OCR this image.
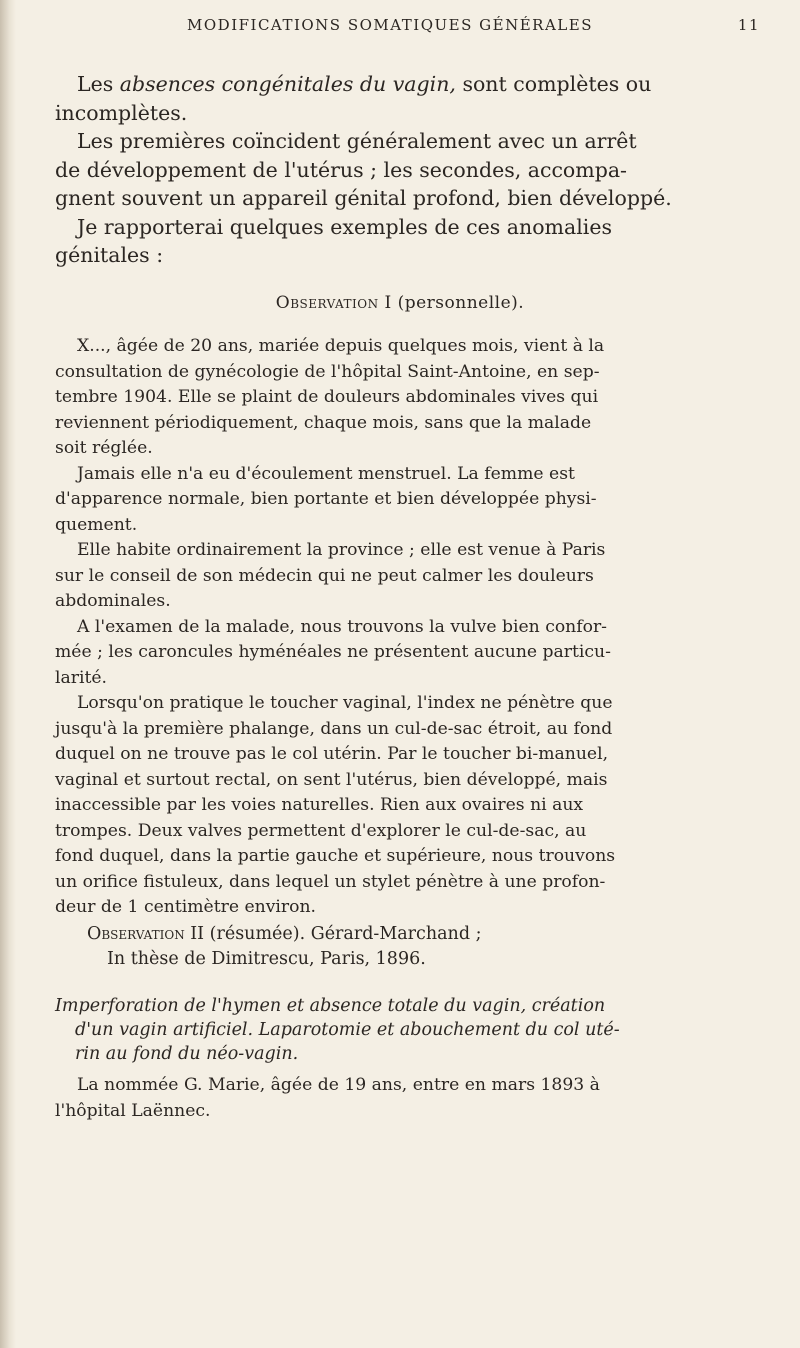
MODIFICATIONS SOMATIQUES GÉNÉRALES	11

Les absences congénitales du vagin, sont complètes ou

incomplètes.

Les premières coïncident généralement avec un arrêt

de développement de l'utérus ; les secondes, accompa-

gnent souvent un appareil génital profond, bien développé.

Je rapporterai quelques exemples de ces anomalies

génitales :

Observation I (personnelle).

X..., âgée de 20 ans, mariée depuis quelques mois, vient à la

consultation de gynécologie de l'hôpital Saint-Antoine, en sep-

tembre 1904. Elle se plaint de douleurs abdominales vives qui

reviennent périodiquement, chaque mois, sans que la malade

soit réglée.

Jamais elle n'a eu d'écoulement menstruel. La femme est

d'apparence normale, bien portante et bien développée physi-

quement.

Elle habite ordinairement la province ; elle est venue à Paris

sur le conseil de son médecin qui ne peut calmer les douleurs

abdominales.

A l'examen de la malade, nous trouvons la vulve bien confor-

mée ; les caroncules hyménéales ne présentent aucune particu-

larité.

Lorsqu'on pratique le toucher vaginal, l'index ne pénètre que

jusqu'à la première phalange, dans un cul-de-sac étroit, au fond

duquel on ne trouve pas le col utérin. Par le toucher bi-manuel,

vaginal et surtout rectal, on sent l'utérus, bien développé, mais

inaccessible par les voies naturelles. Rien aux ovaires ni aux

trompes. Deux valves permettent d'explorer le cul-de-sac, au

fond duquel, dans la partie gauche et supérieure, nous trouvons

un orifice fistuleux, dans lequel un stylet pénètre à une profon-

deur de 1 centimètre environ.

Observation II (résumée). Gérard-Marchand ;
In thèse de Dimitrescu, Paris, 1896.
Imperforation de l'hymen et absence totale du vagin, création
d'un vagin artificiel. Laparotomie et abouchement du col uté-
rin au fond du néo-vagin.

La nommée G. Marie, âgée de 19 ans, entre en mars 1893 à

l'hôpital Laënnec.
